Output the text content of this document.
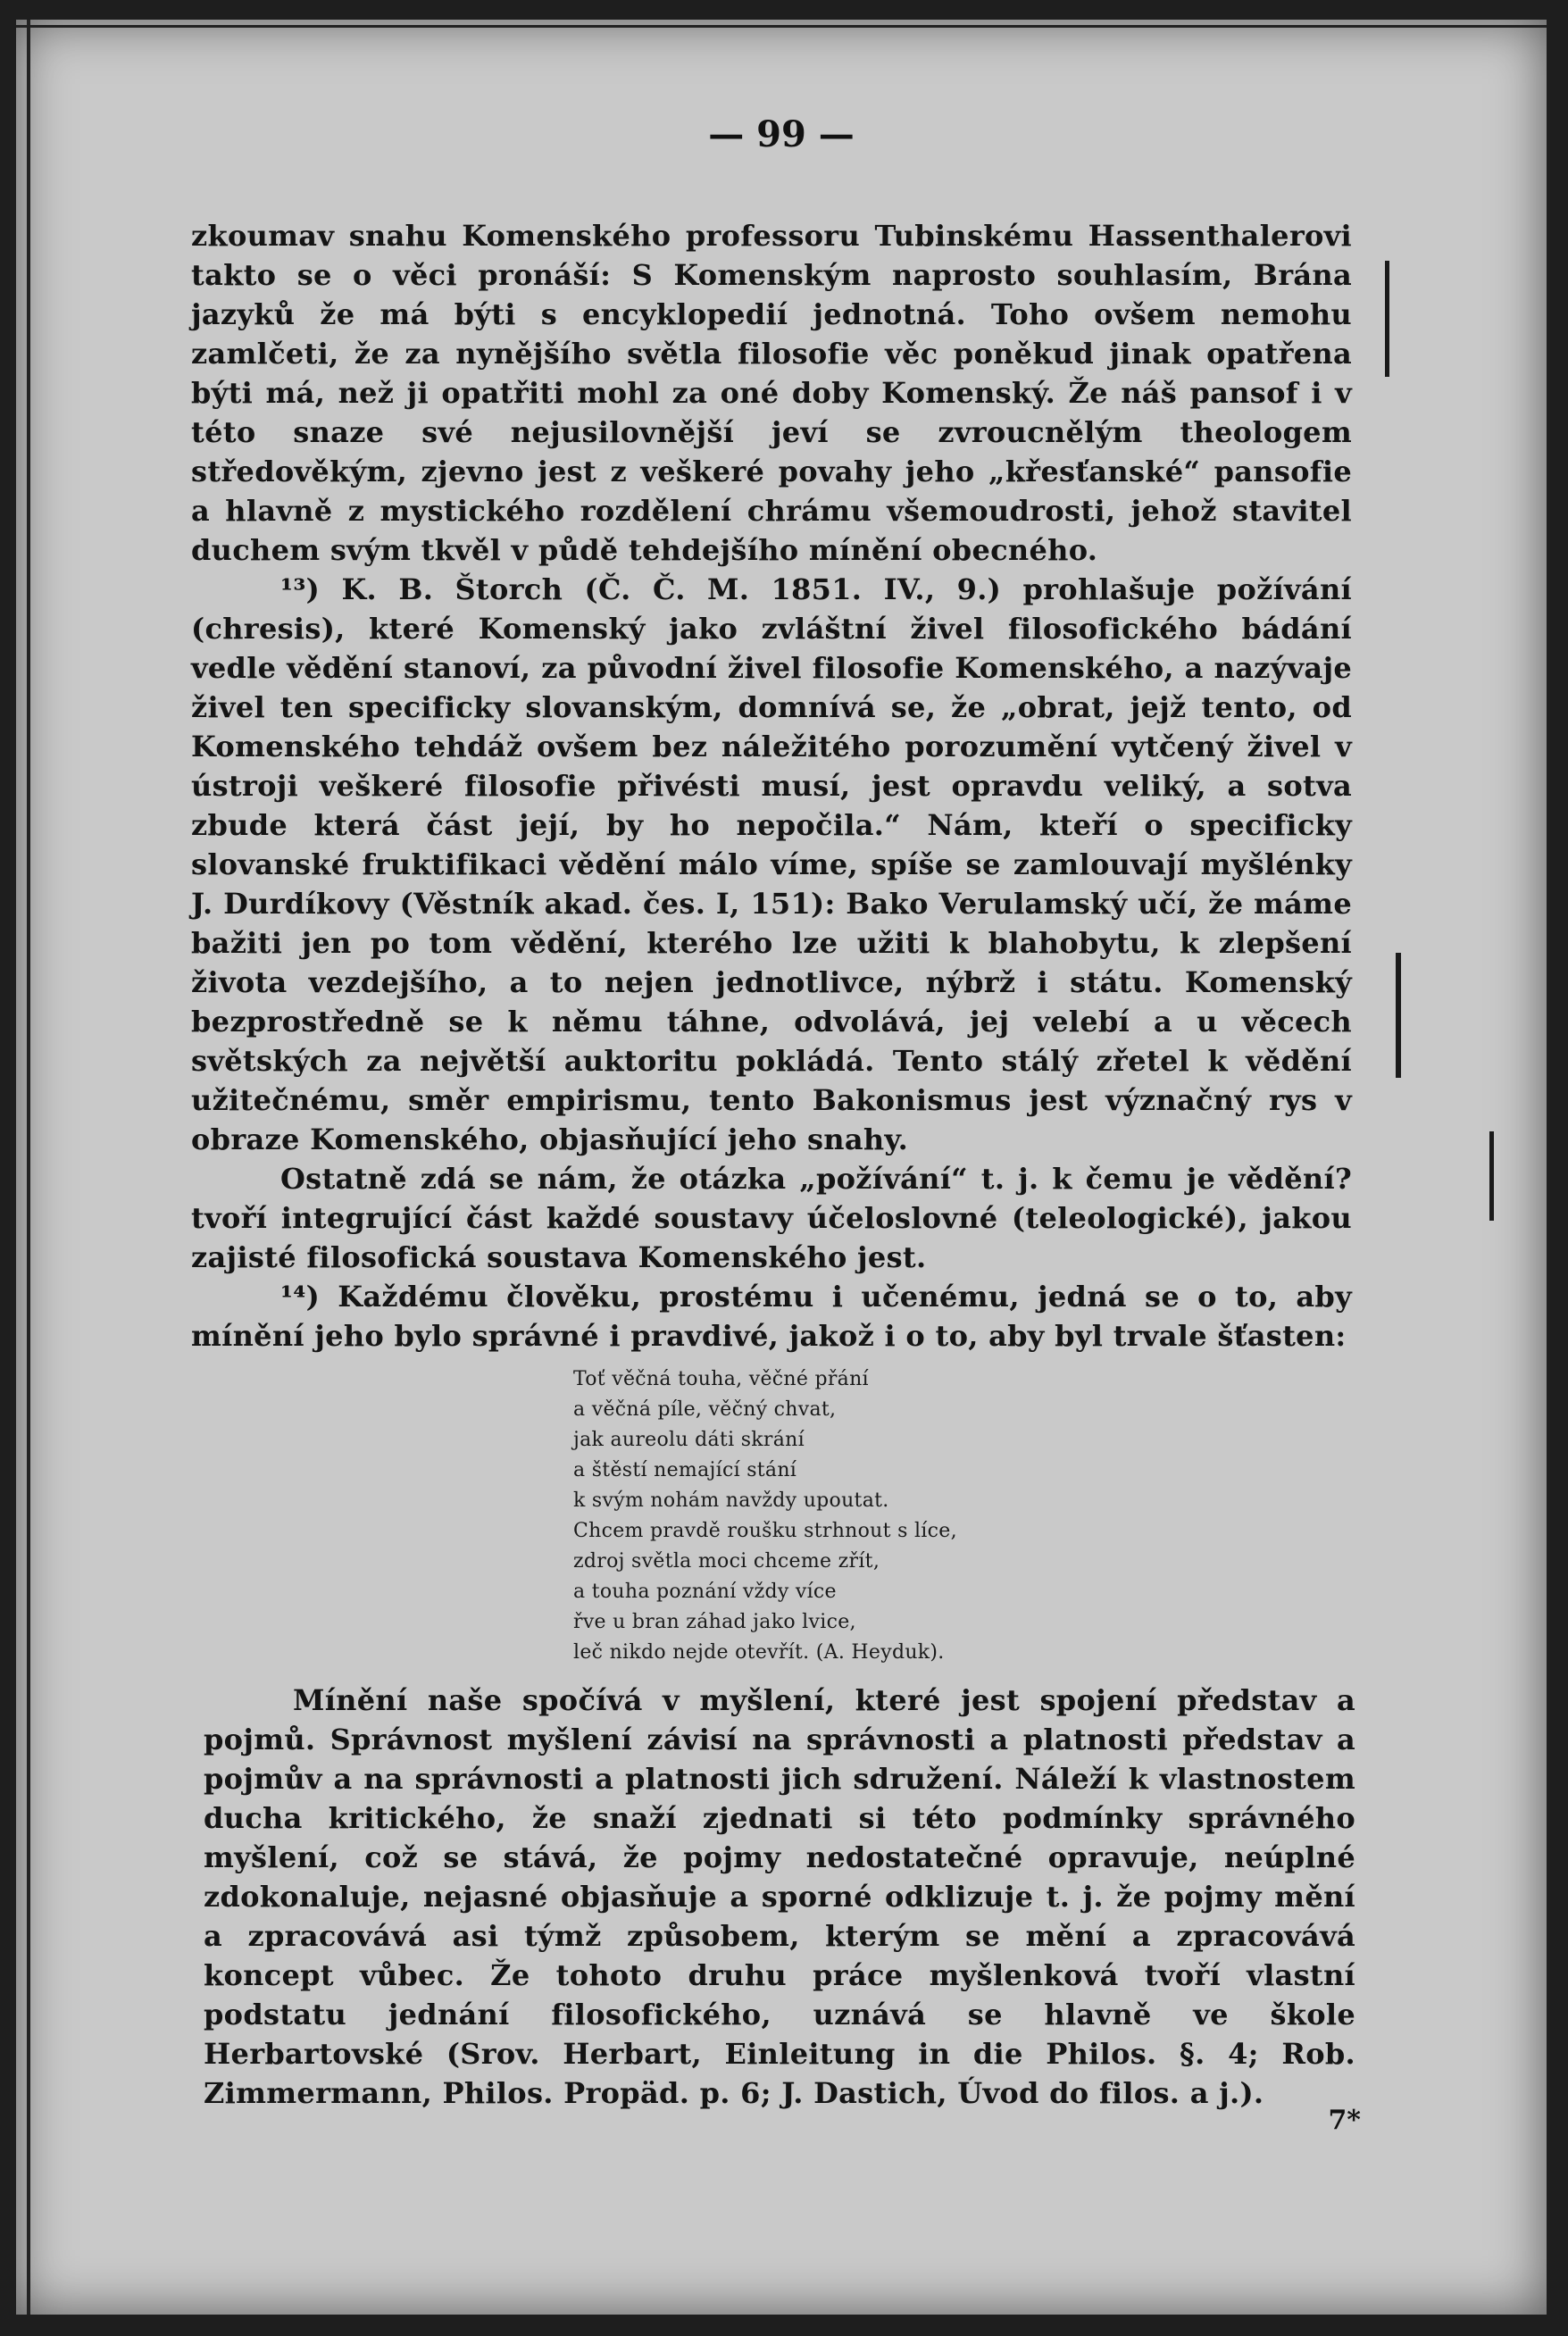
— 99 —

zkoumav snahu Komenského professoru Tubinskému Hassenthalerovi takto se o věci pronáší: S Komenským naprosto souhlasím, Brána jazyků že má býti s encyklopedií jednotná. Toho ovšem nemohu zamlčeti, že za nynějšího světla filosofie věc poněkud jinak opatřena býti má, než ji opatřiti mohl za oné doby Komenský. Že náš pansof i v této snaze své nejusilovnější jeví se zvroucnělým theologem středověkým, zjevno jest z veškeré povahy jeho „křesťanské“ pansofie a hlavně z mystického rozdělení chrámu všemoudrosti, jehož stavitel duchem svým tkvěl v půdě tehdejšího mínění obecného.

¹³) K. B. Štorch (Č. Č. M. 1851. IV., 9.) prohlašuje požívání (chresis), které Komenský jako zvláštní živel filosofického bádání vedle vědění stanoví, za původní živel filosofie Komenského, a nazývaje živel ten specificky slovanským, domnívá se, že „obrat, jejž tento, od Komenského tehdáž ovšem bez náležitého porozumění vytčený živel v ústroji veškeré filosofie přivésti musí, jest opravdu veliký, a sotva zbude která část její, by ho nepočila.“ Nám, kteří o specificky slovanské fruktifikaci vědění málo víme, spíše se zamlouvají myšlénky J. Durdíkovy (Věstník akad. čes. I, 151): Bako Verulamský učí, že máme bažiti jen po tom vědění, kterého lze užiti k blahobytu, k zlepšení života vezdejšího, a to nejen jednotlivce, nýbrž i státu. Komenský bezprostředně se k němu táhne, odvolává, jej velebí a u věcech světských za největší auktoritu pokládá. Tento stálý zřetel k vědění užitečnému, směr empirismu, tento Bakonismus jest význačný rys v obraze Komenského, objasňující jeho snahy.

Ostatně zdá se nám, že otázka „požívání“ t. j. k čemu je vědění? tvoří integrující část každé soustavy účeloslovné (teleologické), jakou zajisté filosofická soustava Komenského jest.

¹⁴) Každému člověku, prostému i učenému, jedná se o to, aby mínění jeho bylo správné i pravdivé, jakož i o to, aby byl trvale šťasten:

Toť věčná touha, věčné přání
a věčná píle, věčný chvat,
jak aureolu dáti skrání
a štěstí nemající stání
k svým nohám navždy upoutat.
Chcem pravdě roušku strhnout s líce,
zdroj světla moci chceme zřít,
a touha poznání vždy více
řve u bran záhad jako lvice,
leč nikdo nejde otevřít. (A. Heyduk).

Mínění naše spočívá v myšlení, které jest spojení představ a pojmů. Správnost myšlení závisí na správnosti a platnosti představ a pojmův a na správnosti a platnosti jich sdružení. Náleží k vlastnostem ducha kritického, že snaží zjednati si této podmínky správného myšlení, což se stává, že pojmy nedostatečné opravuje, neúplné zdokonaluje, nejasné objasňuje a sporné odklizuje t. j. že pojmy mění a zpracovává asi týmž způsobem, kterým se mění a zpracovává koncept vůbec. Že tohoto druhu práce myšlenková tvoří vlastní podstatu jednání filosofického, uznává se hlavně ve škole Herbartovské (Srov. Herbart, Einleitung in die Philos. §. 4; Rob. Zimmermann, Philos. Propäd. p. 6; J. Dastich, Úvod do filos. a j.).

7*
